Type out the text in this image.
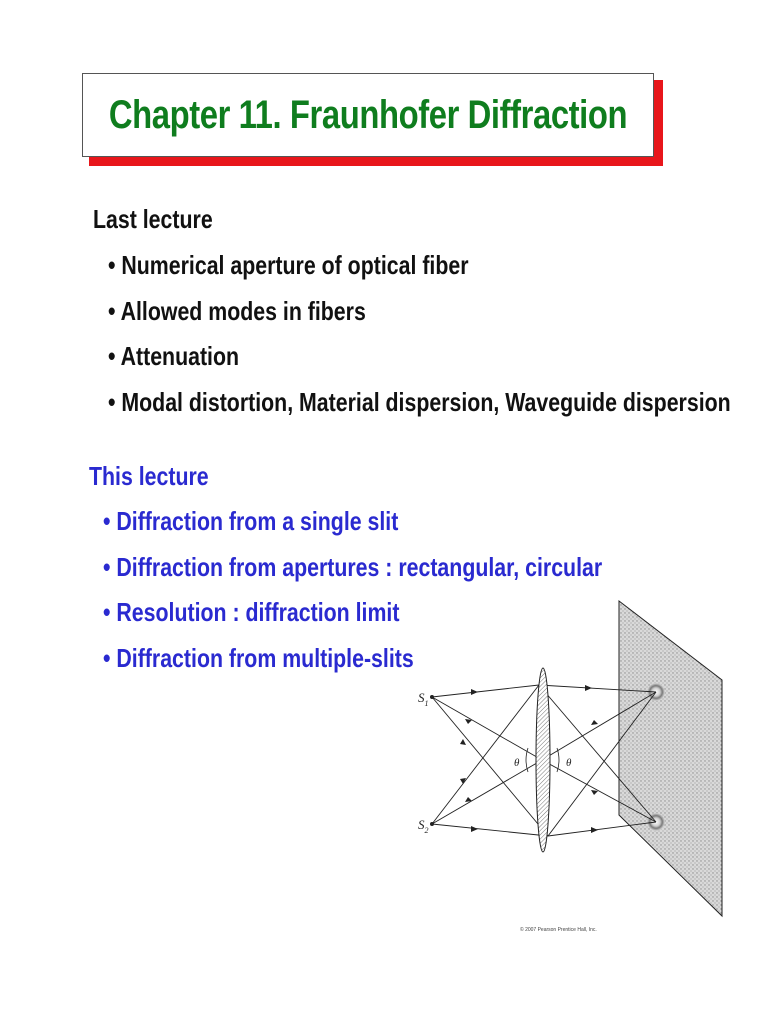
Chapter 11. Fraunhofer Diffraction
Last lecture
• Numerical aperture of optical fiber
• Allowed modes in fibers
• Attenuation
• Modal distortion, Material dispersion, Waveguide dispersion
This lecture
• Diffraction from a single slit
• Diffraction from apertures : rectangular, circular
• Resolution : diffraction limit
• Diffraction from multiple-slits
$S_1$
$S_2$
θ	θ
© 2007 Pearson Prentice Hall, Inc.
